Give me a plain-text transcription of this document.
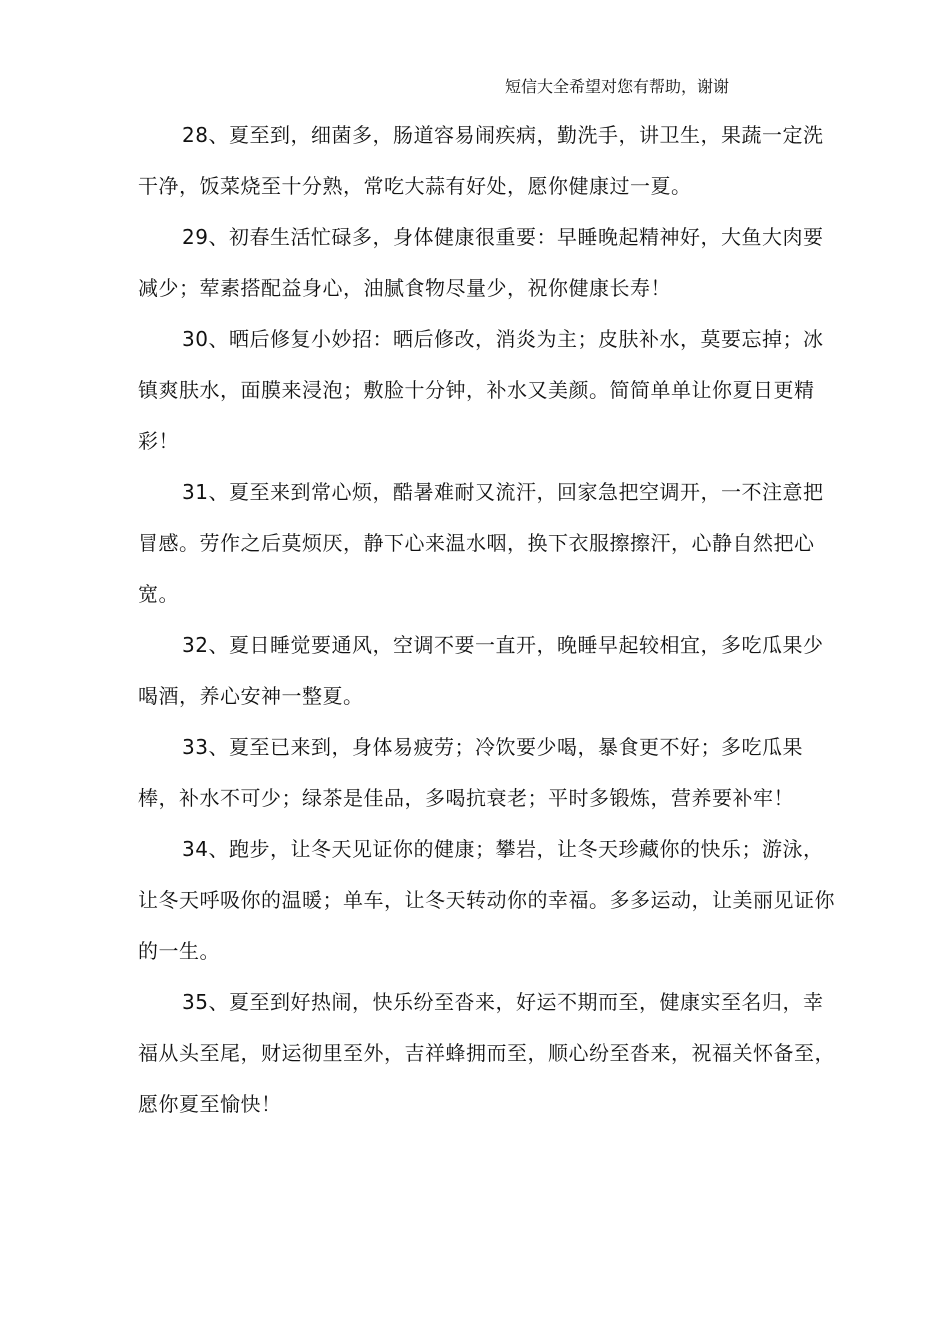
短信大全希望对您有帮助，谢谢

28、夏至到，细菌多，肠道容易闹疾病，勤洗手，讲卫生，果蔬一定洗干净，饭菜烧至十分熟，常吃大蒜有好处，愿你健康过一夏。

29、初春生活忙碌多，身体健康很重要：早睡晚起精神好，大鱼大肉要减少；荤素搭配益身心，油腻食物尽量少，祝你健康长寿！

30、晒后修复小妙招：晒后修改，消炎为主；皮肤补水，莫要忘掉；冰镇爽肤水，面膜来浸泡；敷脸十分钟，补水又美颜。简简单单让你夏日更精彩！

31、夏至来到常心烦，酷暑难耐又流汗，回家急把空调开，一不注意把冒感。劳作之后莫烦厌，静下心来温水咽，换下衣服擦擦汗，心静自然把心宽。

32、夏日睡觉要通风，空调不要一直开，晚睡早起较相宜，多吃瓜果少喝酒，养心安神一整夏。

33、夏至已来到，身体易疲劳；冷饮要少喝，暴食更不好；多吃瓜果棒，补水不可少；绿茶是佳品，多喝抗衰老；平时多锻炼，营养要补牢！

34、跑步，让冬天见证你的健康；攀岩，让冬天珍藏你的快乐；游泳，让冬天呼吸你的温暖；单车，让冬天转动你的幸福。多多运动，让美丽见证你的一生。

35、夏至到好热闹，快乐纷至沓来，好运不期而至，健康实至名归，幸福从头至尾，财运彻里至外，吉祥蜂拥而至，顺心纷至沓来，祝福关怀备至，愿你夏至愉快！
